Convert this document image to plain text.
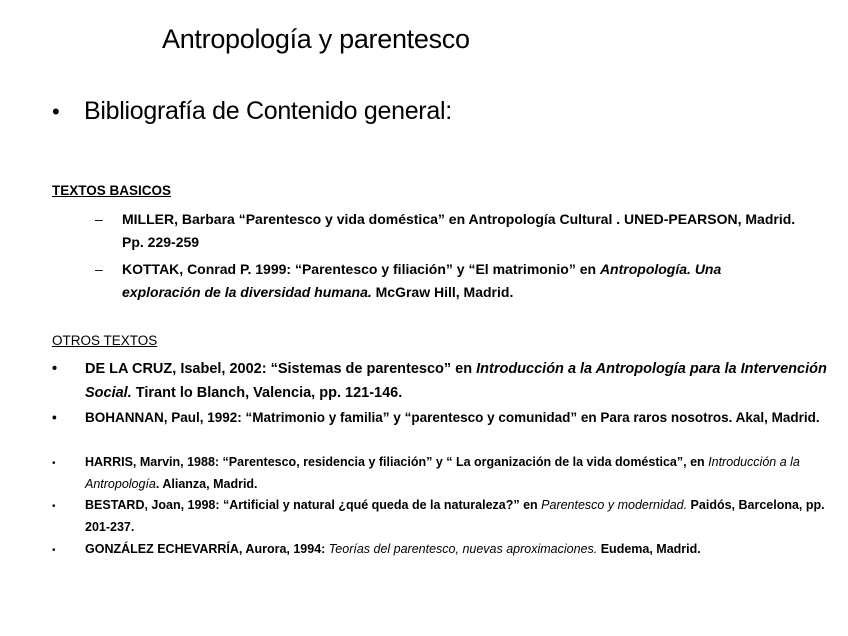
Antropología y parentesco
• Bibliografía de Contenido general:
TEXTOS BASICOS
– MILLER, Barbara “Parentesco y vida doméstica” en Antropología Cultural . UNED-PEARSON, Madrid. Pp. 229-259
– KOTTAK, Conrad P. 1999: “Parentesco y filiación” y “El matrimonio” en Antropología. Una exploración de la diversidad humana. McGraw Hill, Madrid.
OTROS TEXTOS
• DE LA CRUZ, Isabel, 2002: “Sistemas de parentesco” en Introducción a la Antropología para la Intervención Social. Tirant lo Blanch, Valencia, pp. 121-146.
• BOHANNAN, Paul, 1992: “Matrimonio y familia” y “parentesco y comunidad” en Para raros nosotros. Akal, Madrid.
• HARRIS, Marvin, 1988: “Parentesco, residencia y filiación” y “ La organización de la vida doméstica”, en Introducción a la Antropología. Alianza, Madrid.
• BESTARD, Joan, 1998: “Artificial y natural ¿qué queda de la naturaleza?” en Parentesco y modernidad. Paidós, Barcelona, pp. 201-237.
• GONZÁLEZ ECHEVARRÍA, Aurora, 1994: Teorías del parentesco, nuevas aproximaciones. Eudema, Madrid.
